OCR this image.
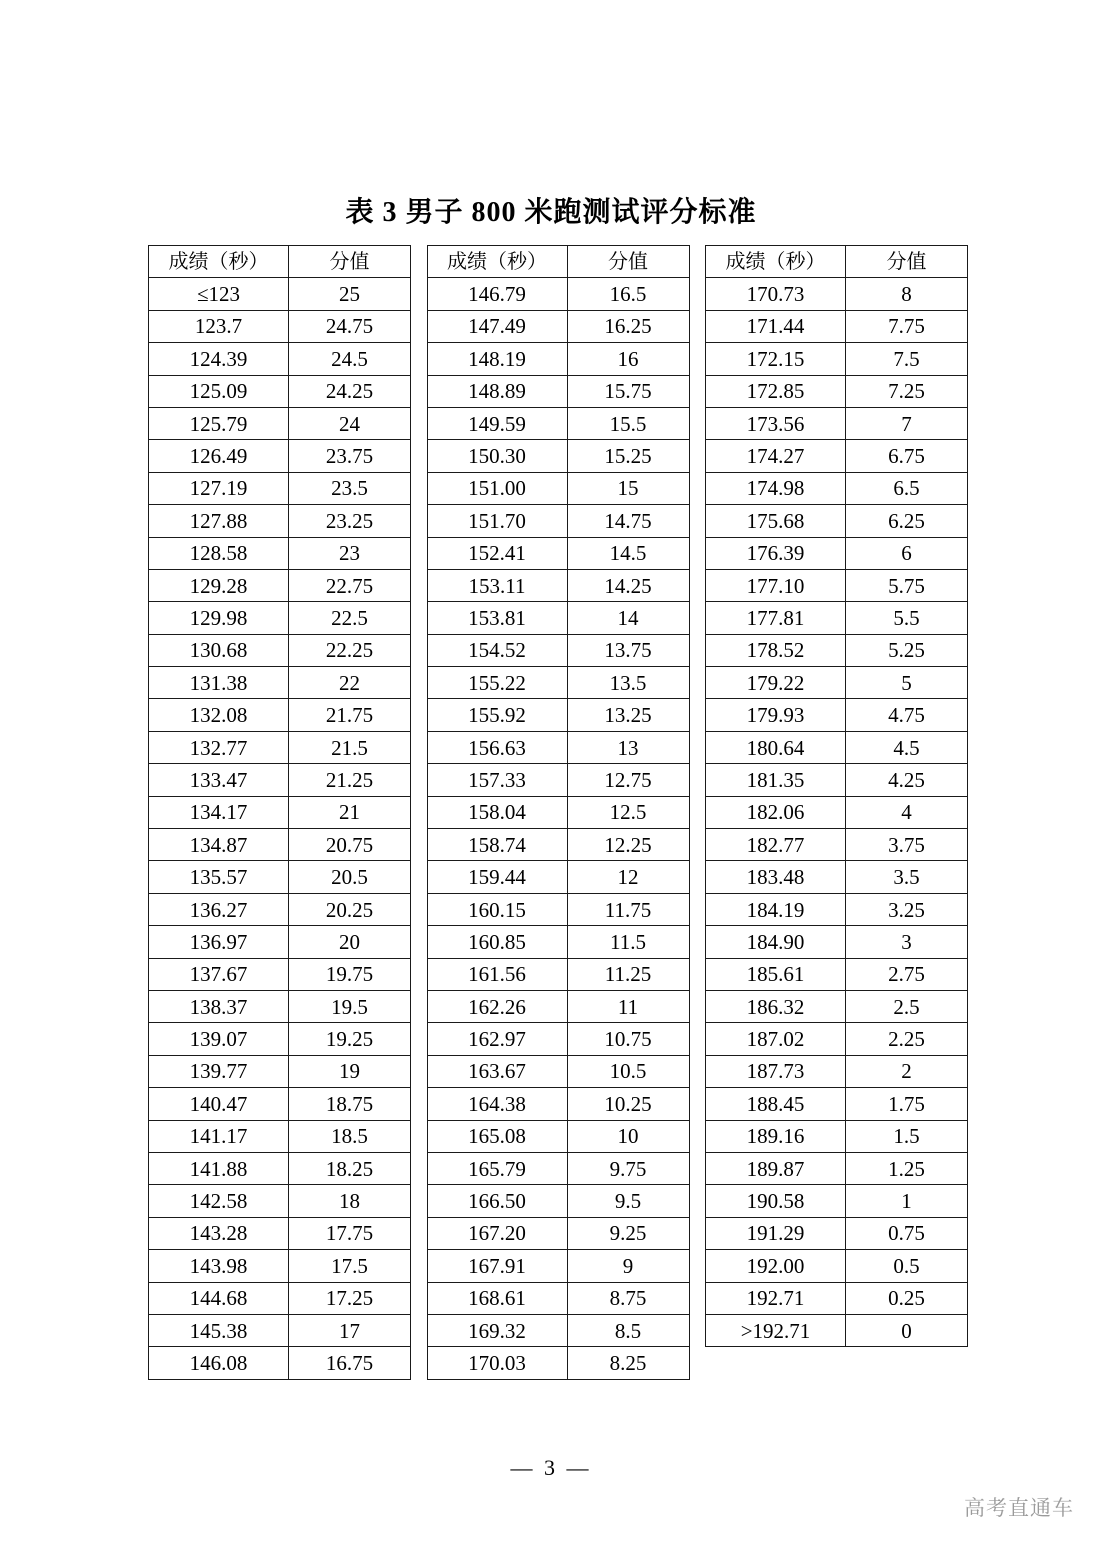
表 3 男子 800 米跑测试评分标准
成绩（秒）	分值
≤123	25
123.7	24.75
124.39	24.5
125.09	24.25
125.79	24
126.49	23.75
127.19	23.5
127.88	23.25
128.58	23
129.28	22.75
129.98	22.5
130.68	22.25
131.38	22
132.08	21.75
132.77	21.5
133.47	21.25
134.17	21
134.87	20.75
135.57	20.5
136.27	20.25
136.97	20
137.67	19.75
138.37	19.5
139.07	19.25
139.77	19
140.47	18.75
141.17	18.5
141.88	18.25
142.58	18
143.28	17.75
143.98	17.5
144.68	17.25
145.38	17
146.08	16.75
成绩（秒）	分值
146.79	16.5
147.49	16.25
148.19	16
148.89	15.75
149.59	15.5
150.30	15.25
151.00	15
151.70	14.75
152.41	14.5
153.11	14.25
153.81	14
154.52	13.75
155.22	13.5
155.92	13.25
156.63	13
157.33	12.75
158.04	12.5
158.74	12.25
159.44	12
160.15	11.75
160.85	11.5
161.56	11.25
162.26	11
162.97	10.75
163.67	10.5
164.38	10.25
165.08	10
165.79	9.75
166.50	9.5
167.20	9.25
167.91	9
168.61	8.75
169.32	8.5
170.03	8.25
成绩（秒）	分值
170.73	8
171.44	7.75
172.15	7.5
172.85	7.25
173.56	7
174.27	6.75
174.98	6.5
175.68	6.25
176.39	6
177.10	5.75
177.81	5.5
178.52	5.25
179.22	5
179.93	4.75
180.64	4.5
181.35	4.25
182.06	4
182.77	3.75
183.48	3.5
184.19	3.25
184.90	3
185.61	2.75
186.32	2.5
187.02	2.25
187.73	2
188.45	1.75
189.16	1.5
189.87	1.25
190.58	1
191.29	0.75
192.00	0.5
192.71	0.25
>192.71	0
— 3 —
高考直通车
